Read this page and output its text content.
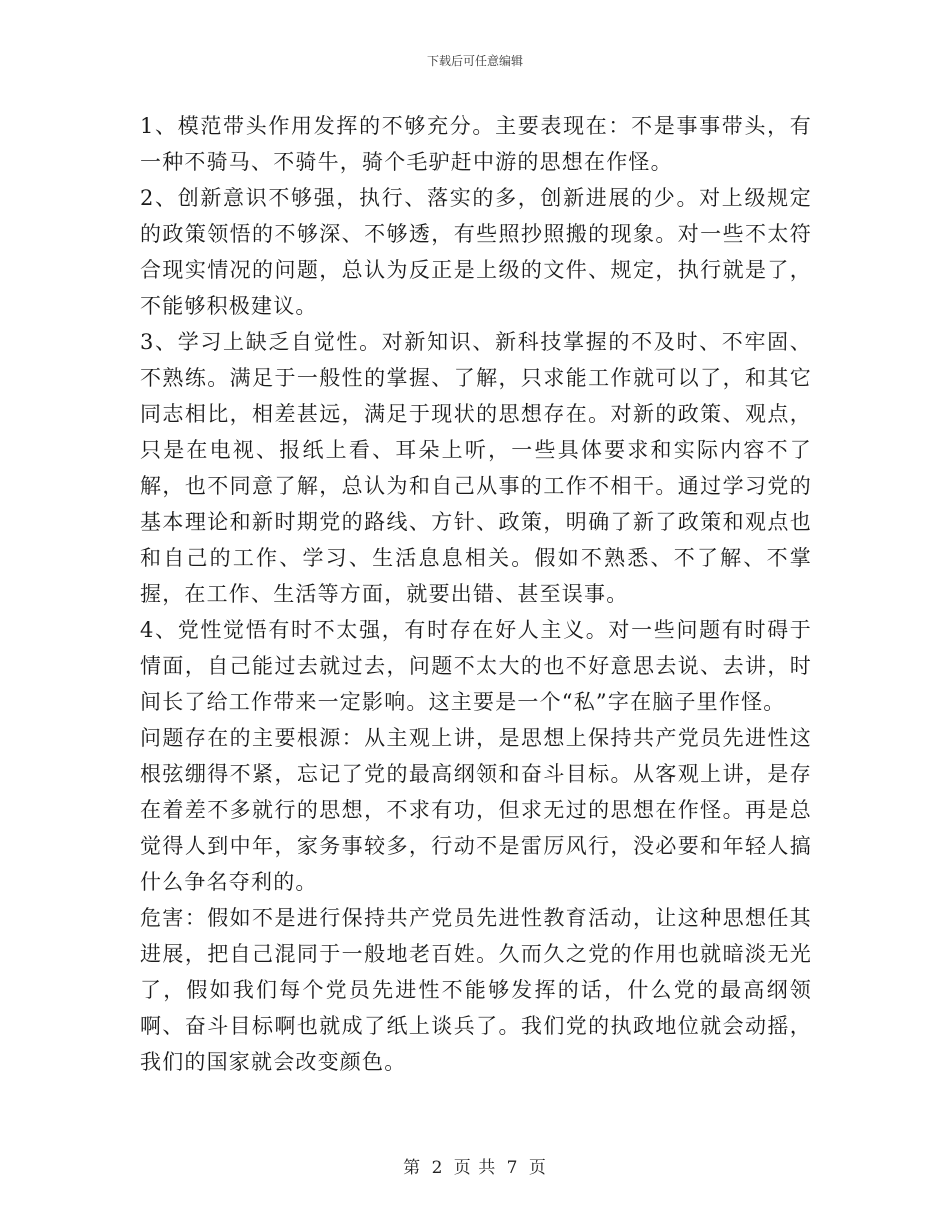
下载后可任意编辑

1、模范带头作用发挥的不够充分。主要表现在：不是事事带头，有一种不骑马、不骑牛，骑个毛驴赶中游的思想在作怪。

2、创新意识不够强，执行、落实的多，创新进展的少。对上级规定的政策领悟的不够深、不够透，有些照抄照搬的现象。对一些不太符合现实情况的问题，总认为反正是上级的文件、规定，执行就是了，不能够积极建议。

3、学习上缺乏自觉性。对新知识、新科技掌握的不及时、不牢固、不熟练。满足于一般性的掌握、了解，只求能工作就可以了，和其它同志相比，相差甚远，满足于现状的思想存在。对新的政策、观点，只是在电视、报纸上看、耳朵上听，一些具体要求和实际内容不了解，也不同意了解，总认为和自己从事的工作不相干。通过学习党的基本理论和新时期党的路线、方针、政策，明确了新了政策和观点也和自己的工作、学习、生活息息相关。假如不熟悉、不了解、不掌握，在工作、生活等方面，就要出错、甚至误事。

4、党性觉悟有时不太强，有时存在好人主义。对一些问题有时碍于情面，自己能过去就过去，问题不太大的也不好意思去说、去讲，时间长了给工作带来一定影响。这主要是一个“私”字在脑子里作怪。

问题存在的主要根源：从主观上讲，是思想上保持共产党员先进性这根弦绷得不紧，忘记了党的最高纲领和奋斗目标。从客观上讲，是存在着差不多就行的思想，不求有功，但求无过的思想在作怪。再是总觉得人到中年，家务事较多，行动不是雷厉风行，没必要和年轻人搞什么争名夺利的。

危害：假如不是进行保持共产党员先进性教育活动，让这种思想任其进展，把自己混同于一般地老百姓。久而久之党的作用也就暗淡无光了，假如我们每个党员先进性不能够发挥的话，什么党的最高纲领啊、奋斗目标啊也就成了纸上谈兵了。我们党的执政地位就会动摇，我们的国家就会改变颜色。

第 2 页 共 7 页
